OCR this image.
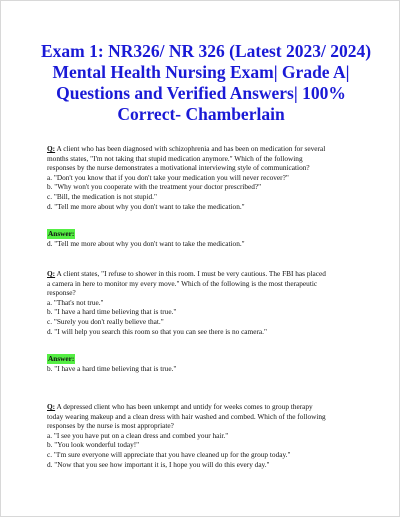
Exam 1: NR326/ NR 326 (Latest 2023/ 2024)
Mental Health Nursing Exam| Grade A|
Questions and Verified Answers| 100%
Correct- Chamberlain
Q: A client who has been diagnosed with schizophrenia and has been on medication for several
months states, "I'm not taking that stupid medication anymore." Which of the following
responses by the nurse demonstrates a motivational interviewing style of communication?
a. "Don't you know that if you don't take your medication you will never recover?"
b. "Why won't you cooperate with the treatment your doctor prescribed?"
c. "Bill, the medication is not stupid."
d. "Tell me more about why you don't want to take the medication."
Answer:
d. "Tell me more about why you don't want to take the medication."
Q: A client states, "I refuse to shower in this room. I must be very cautious. The FBI has placed
a camera in here to monitor my every move." Which of the following is the most therapeutic
response?
a. "That's not true."
b. "I have a hard time believing that is true."
c. "Surely you don't really believe that."
d. "I will help you search this room so that you can see there is no camera."
Answer:
b. "I have a hard time believing that is true."
Q: A depressed client who has been unkempt and untidy for weeks comes to group therapy
today wearing makeup and a clean dress with hair washed and combed. Which of the following
responses by the nurse is most appropriate?
a. "I see you have put on a clean dress and combed your hair."
b. "You look wonderful today!"
c. "I'm sure everyone will appreciate that you have cleaned up for the group today."
d. "Now that you see how important it is, I hope you will do this every day."
